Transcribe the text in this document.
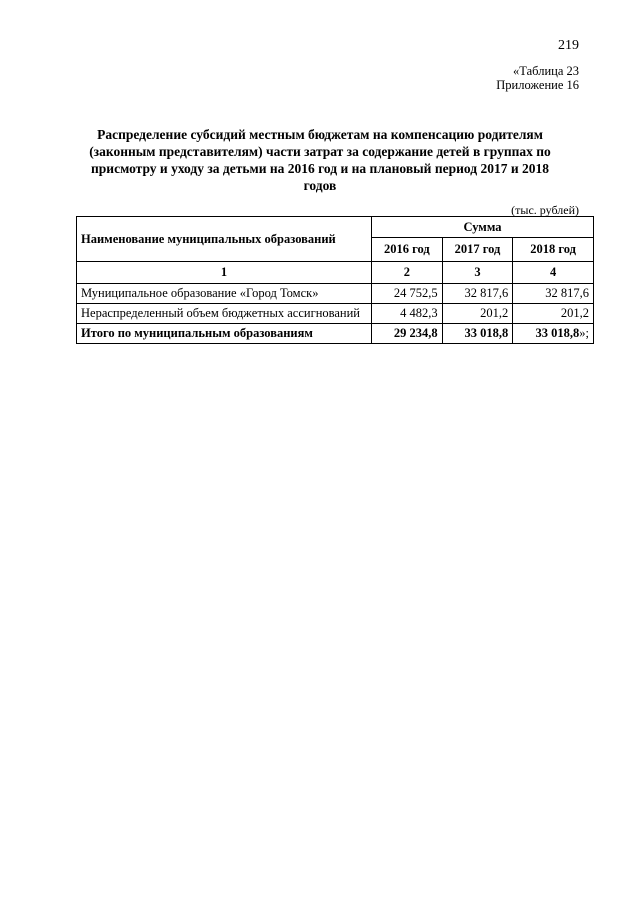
219
«Таблица 23
Приложение 16
Распределение субсидий местным бюджетам на компенсацию родителям (законным представителям) части затрат за содержание детей в группах по присмотру и уходу за детьми на 2016 год и на плановый период 2017 и 2018 годов
(тыс. рублей)
Наименование муниципальных образований	Сумма		
	2016 год	2017 год	2018 год
1	2	3	4
Муниципальное образование «Город Томск»	24 752,5	32 817,6	32 817,6
Нераспределенный объем бюджетных ассигнований	4 482,3	201,2	201,2
Итого по муниципальным образованиям	29 234,8	33 018,8	33 018,8»;
